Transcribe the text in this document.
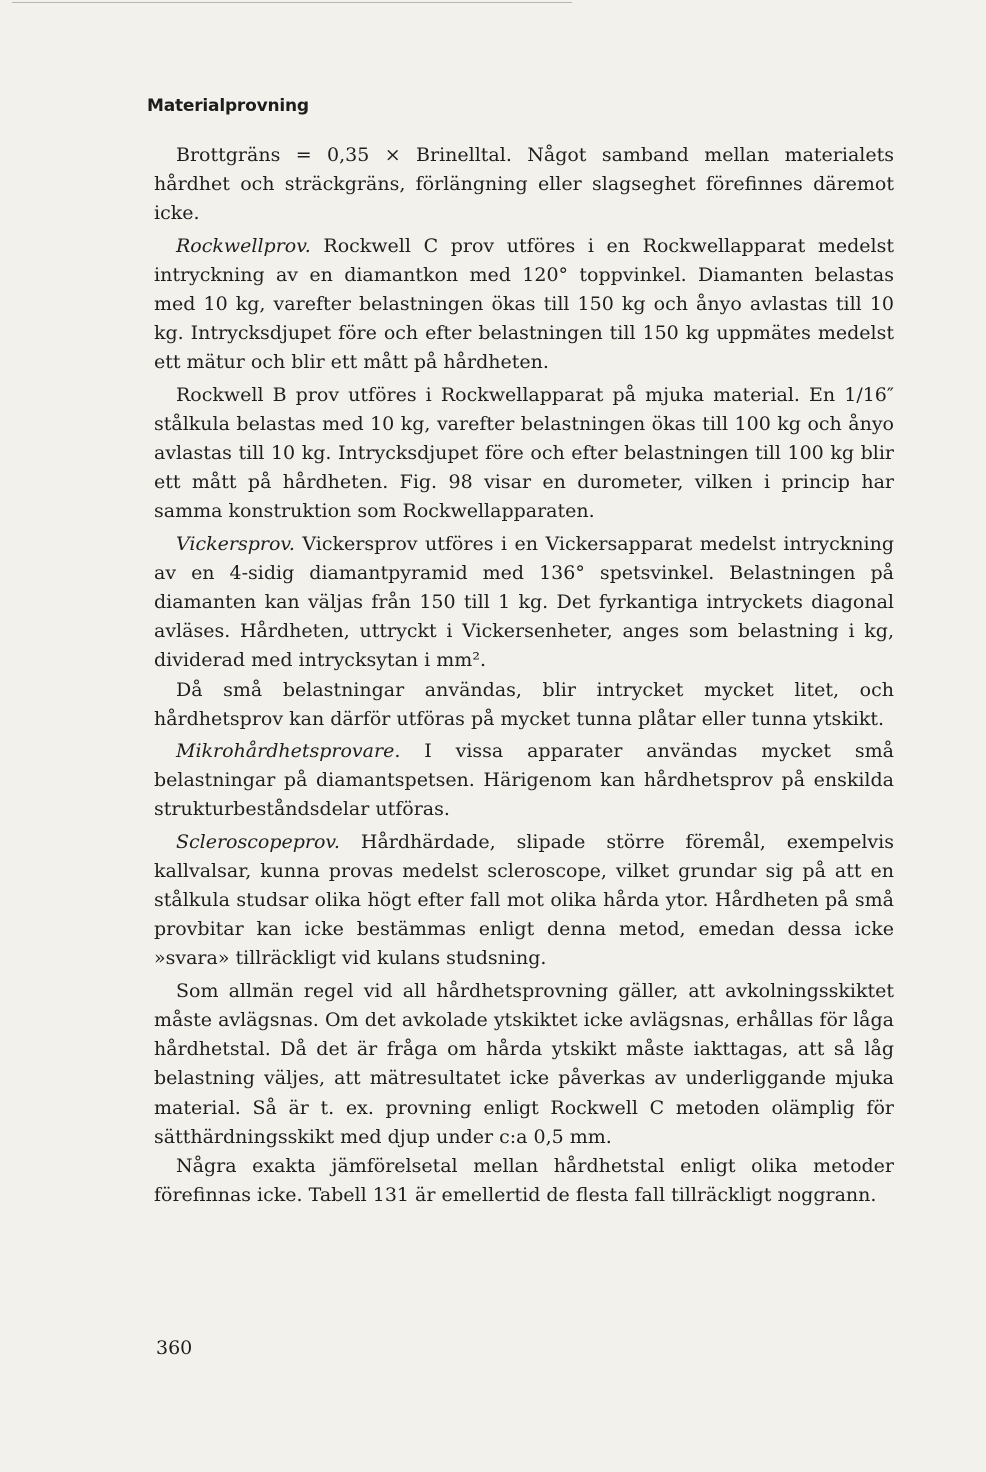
Materialprovning

Brottgräns = 0,35 × Brinelltal. Något samband mellan materialets hårdhet och sträckgräns, förlängning eller slagseghet förefinnes däremot icke.

Rockwellprov. Rockwell C prov utföres i en Rockwellapparat medelst intryckning av en diamantkon med 120° toppvinkel. Diamanten belastas med 10 kg, varefter belastningen ökas till 150 kg och ånyo avlastas till 10 kg. Intrycksdjupet före och efter belastningen till 150 kg uppmätes medelst ett mätur och blir ett mått på hårdheten.

Rockwell B prov utföres i Rockwellapparat på mjuka material. En 1/16″ stålkula belastas med 10 kg, varefter belastningen ökas till 100 kg och ånyo avlastas till 10 kg. Intrycksdjupet före och efter belastningen till 100 kg blir ett mått på hårdheten. Fig. 98 visar en durometer, vilken i princip har samma konstruktion som Rockwellapparaten.

Vickersprov. Vickersprov utföres i en Vickersapparat medelst intryckning av en 4-sidig diamantpyramid med 136° spetsvinkel. Belastningen på diamanten kan väljas från 150 till 1 kg. Det fyrkantiga intryckets diagonal avläses. Hårdheten, uttryckt i Vickersenheter, anges som belastning i kg, dividerad med intrycksytan i mm².

Då små belastningar användas, blir intrycket mycket litet, och hårdhetsprov kan därför utföras på mycket tunna plåtar eller tunna ytskikt.

Mikrohårdhetsprovare. I vissa apparater användas mycket små belastningar på diamantspetsen. Härigenom kan hårdhetsprov på enskilda strukturbeståndsdelar utföras.

Scleroscopeprov. Hårdhärdade, slipade större föremål, exempelvis kallvalsar, kunna provas medelst scleroscope, vilket grundar sig på att en stålkula studsar olika högt efter fall mot olika hårda ytor. Hårdheten på små provbitar kan icke bestämmas enligt denna metod, emedan dessa icke »svara» tillräckligt vid kulans studsning.

Som allmän regel vid all hårdhetsprovning gäller, att avkolningsskiktet måste avlägsnas. Om det avkolade ytskiktet icke avlägsnas, erhållas för låga hårdhetstal. Då det är fråga om hårda ytskikt måste iakttagas, att så låg belastning väljes, att mätresultatet icke påverkas av underliggande mjuka material. Så är t. ex. provning enligt Rockwell C metoden olämplig för sätthärdningsskikt med djup under c:a 0,5 mm.

Några exakta jämförelsetal mellan hårdhetstal enligt olika metoder förefinnas icke. Tabell 131 är emellertid de flesta fall tillräckligt noggrann.

360
